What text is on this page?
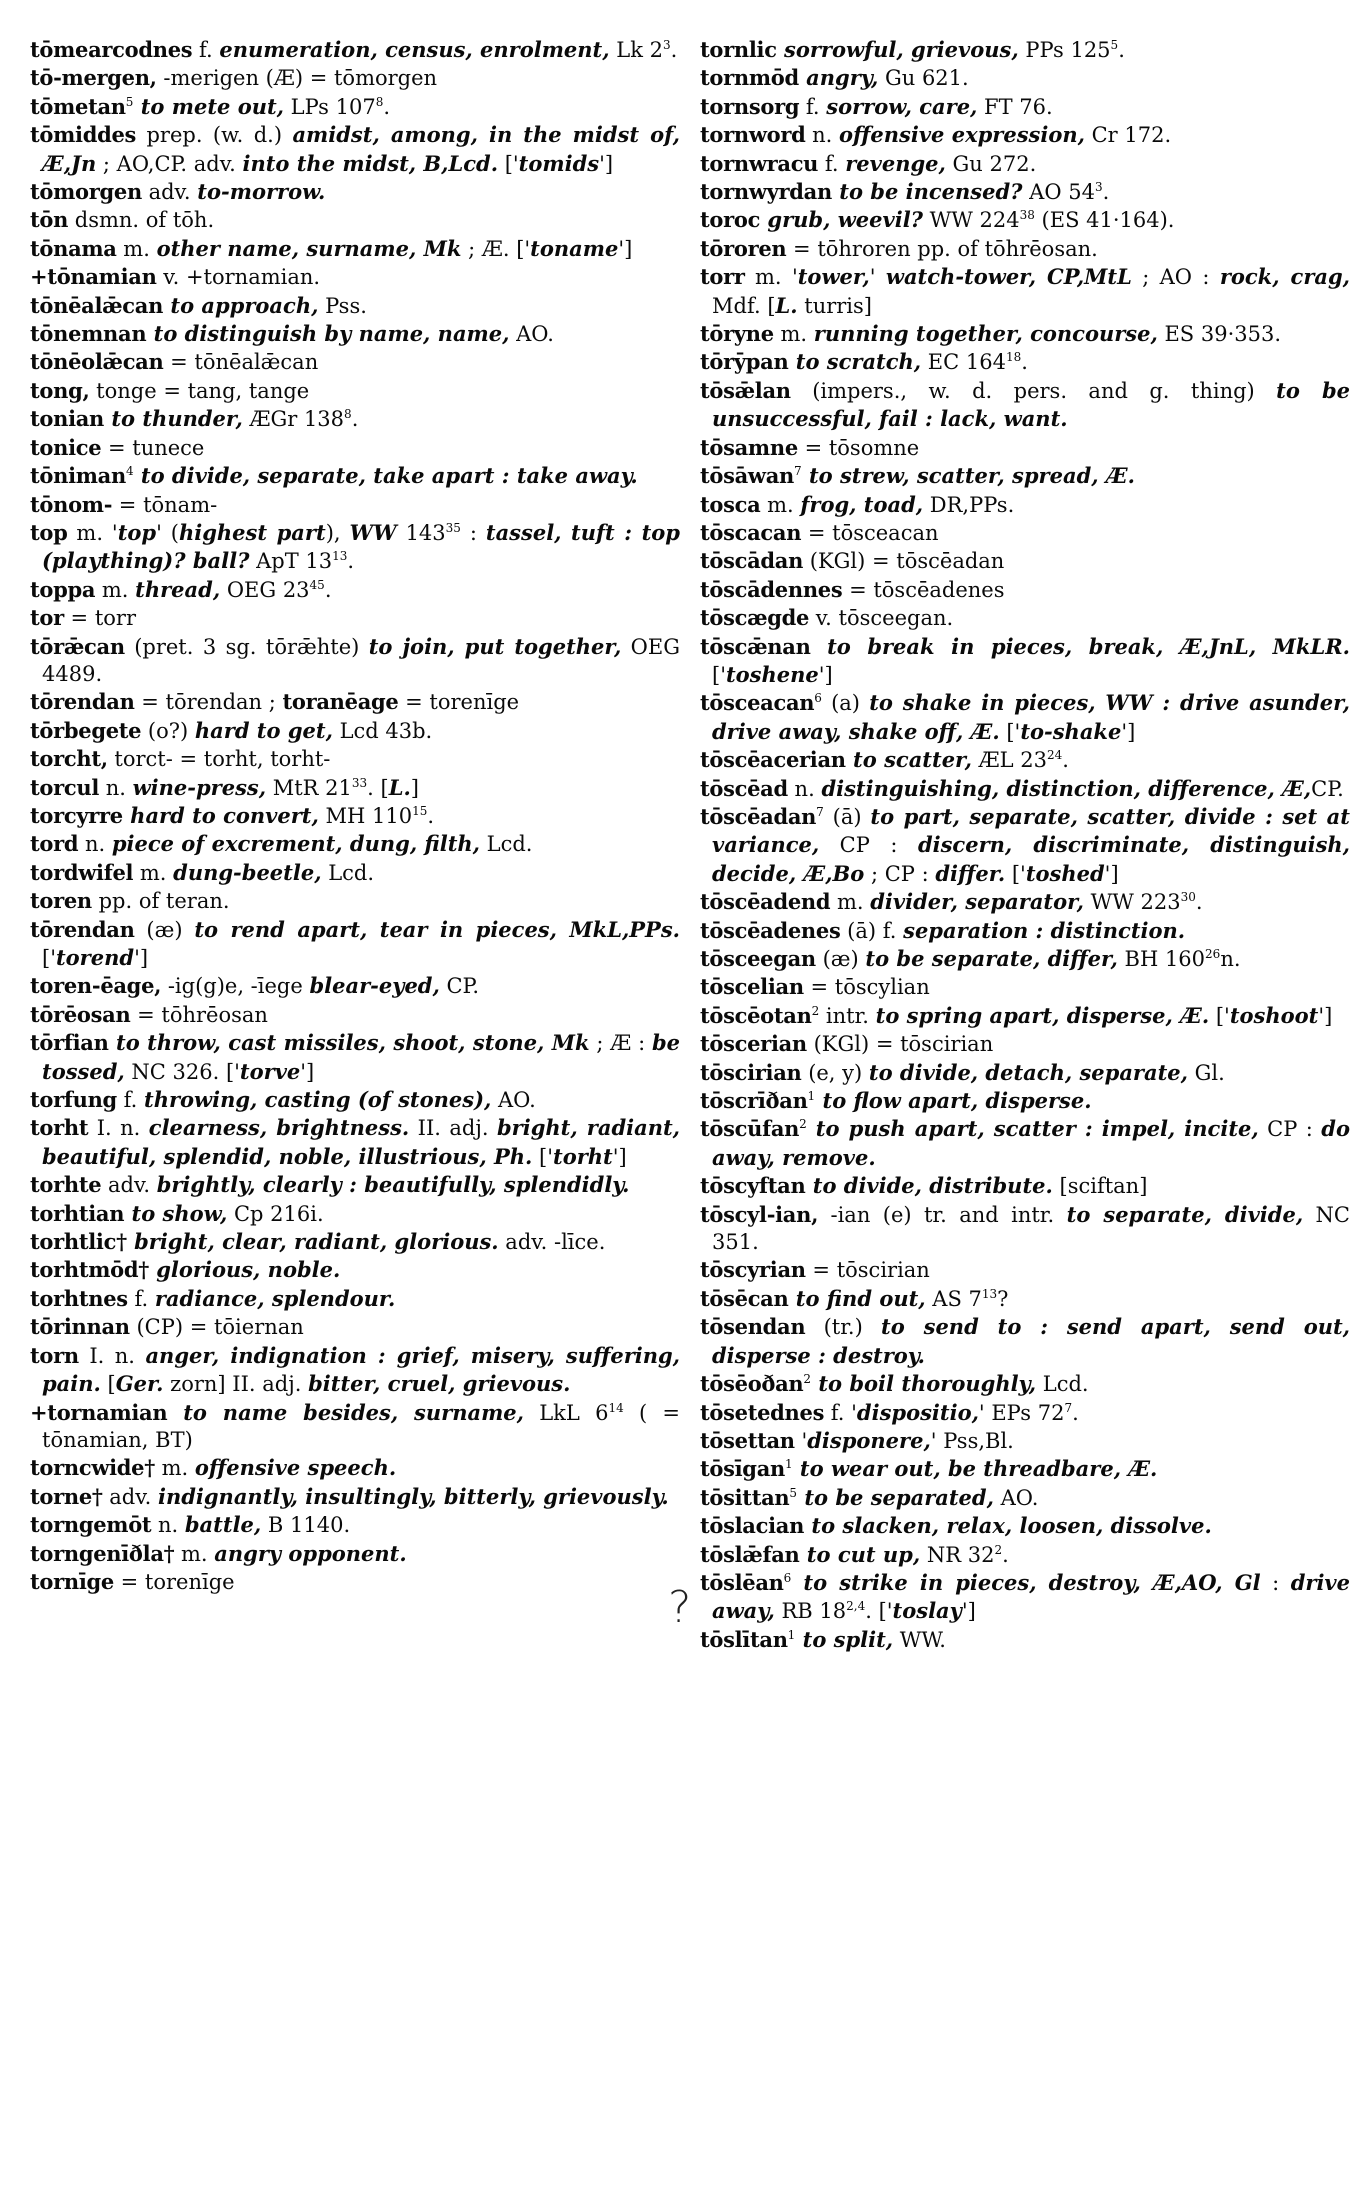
tōmearcodnes f. enumeration, census, enrolment, Lk $2^3$.

tō-mergen, -merigen (Æ) = tōmorgen

tōmetan$^5$ to mete out, LPs $107^8$.

tōmiddes prep. (w. d.) amidst, among, in the midst of, Æ,Jn ; AO,CP. adv. into the midst, B,Lcd. ['tomids']

tōmorgen adv. to-morrow.

tōn dsmn. of tōh.

tōnama m. other name, surname, Mk ; Æ. ['toname']

+tōnamian v. +tornamian.

tōnēalǣcan to approach, Pss.

tōnemnan to distinguish by name, name, AO.

tōnēolǣcan = tōnēalǣcan

tong, tonge = tang, tange

tonian to thunder, ÆGr $138^8$.

tonice = tunece

tōniman$^4$ to divide, separate, take apart : take away.

tōnom- = tōnam-

top m. 'top' (highest part), WW $143^{35}$ : tassel, tuft : top (plaything)? ball? ApT $13^{13}$.

toppa m. thread, OEG $23^{45}$.

tor = torr

tōrǣcan (pret. 3 sg. tōrǣhte) to join, put together, OEG 4489.

tōrendan = tōrendan ; toranēage = torenīge

tōrbegete (o?) hard to get, Lcd 43b.

torcht, torct- = torht, torht-

torcul n. wine-press, MtR $21^{33}$. [L.]

torcyrre hard to convert, MH $110^{15}$.

tord n. piece of excrement, dung, filth, Lcd.

tordwifel m. dung-beetle, Lcd.

toren pp. of teran.

tōrendan (æ) to rend apart, tear in pieces, MkL,PPs. ['torend']

toren-ēage, -ig(g)e, -īege blear-eyed, CP.

tōrēosan = tōhrēosan

tōrfian to throw, cast missiles, shoot, stone, Mk ; Æ : be tossed, NC 326. ['torve']

torfung f. throwing, casting (of stones), AO.

torht I. n. clearness, brightness. II. adj. bright, radiant, beautiful, splendid, noble, illustrious, Ph. ['torht']

torhte adv. brightly, clearly : beautifully, splendidly.

torhtian to show, Cp 216i.

torhtlic† bright, clear, radiant, glorious. adv. -līce.

torhtmōd† glorious, noble.

torhtnes f. radiance, splendour.

tōrinnan (CP) = tōiernan

torn I. n. anger, indignation : grief, misery, suffering, pain. [Ger. zorn] II. adj. bitter, cruel, grievous.

+tornamian to name besides, surname, LkL $6^{14}$ ( = tōnamian, BT)

torncwide† m. offensive speech.

torne† adv. indignantly, insultingly, bitterly, grievously.

torngemōt n. battle, B 1140.

torngenīðla† m. angry opponent.

tornīge = torenīge

tornlic sorrowful, grievous, PPs $125^5$.

tornmōd angry, Gu 621.

tornsorg f. sorrow, care, FT 76.

tornword n. offensive expression, Cr 172.

tornwracu f. revenge, Gu 272.

tornwyrdan to be incensed? AO $54^3$.

toroc grub, weevil? WW $224^{38}$ (ES 41·164).

tōroren = tōhroren pp. of tōhrēosan.

torr m. 'tower,' watch-tower, CP,MtL ; AO : rock, crag, Mdf. [L. turris]

tōryne m. running together, concourse, ES 39·353.

tōrȳpan to scratch, EC $164^{18}$.

tōsǣlan (impers., w. d. pers. and g. thing) to be unsuccessful, fail : lack, want.

tōsamne = tōsomne

tōsāwan$^7$ to strew, scatter, spread, Æ.

tosca m. frog, toad, DR,PPs.

tōscacan = tōsceacan

tōscādan (KGl) = tōscēadan

tōscādennes = tōscēadenes

tōscægde v. tōsceegan.

tōscǣnan to break in pieces, break, Æ,JnL, MkLR. ['toshene']

tōsceacan$^6$ (a) to shake in pieces, WW : drive asunder, drive away, shake off, Æ. ['to-shake']

tōscēacerian to scatter, ÆL $23^{24}$.

tōscēad n. distinguishing, distinction, difference, Æ,CP.

tōscēadan$^7$ (ā) to part, separate, scatter, divide : set at variance, CP : discern, discriminate, distinguish, decide, Æ,Bo ; CP : differ. ['toshed']

tōscēadend m. divider, separator, WW $223^{30}$.

tōscēadenes (ā) f. separation : distinction.

tōsceegan (æ) to be separate, differ, BH $160^{26}n$.

tōscelian = tōscylian

tōscēotan$^2$ intr. to spring apart, disperse, Æ. ['toshoot']

tōscerian (KGl) = tōscirian

tōscirian (e, y) to divide, detach, separate, Gl.

tōscrīðan$^1$ to flow apart, disperse.

tōscūfan$^2$ to push apart, scatter : impel, incite, CP : do away, remove.

tōscyftan to divide, distribute. [sciftan]

tōscyl-ian, -ian (e) tr. and intr. to separate, divide, NC 351.

tōscyrian = tōscirian

tōsēcan to find out, AS $7^{13}$?

tōsendan (tr.) to send to : send apart, send out, disperse : destroy.

tōsēoðan$^2$ to boil thoroughly, Lcd.

tōsetednes f. 'dispositio,' EPs $72^7$.

tōsettan 'disponere,' Pss,Bl.

tōsīgan$^1$ to wear out, be threadbare, Æ.

tōsittan$^5$ to be separated, AO.

tōslacian to slacken, relax, loosen, dissolve.

tōslǣfan to cut up, NR $32^2$.

tōslēan$^6$ to strike in pieces, destroy, Æ,AO, Gl : drive away, RB 18$^{2,4}$. ['toslay']

tōslītan$^1$ to split, WW.

?
